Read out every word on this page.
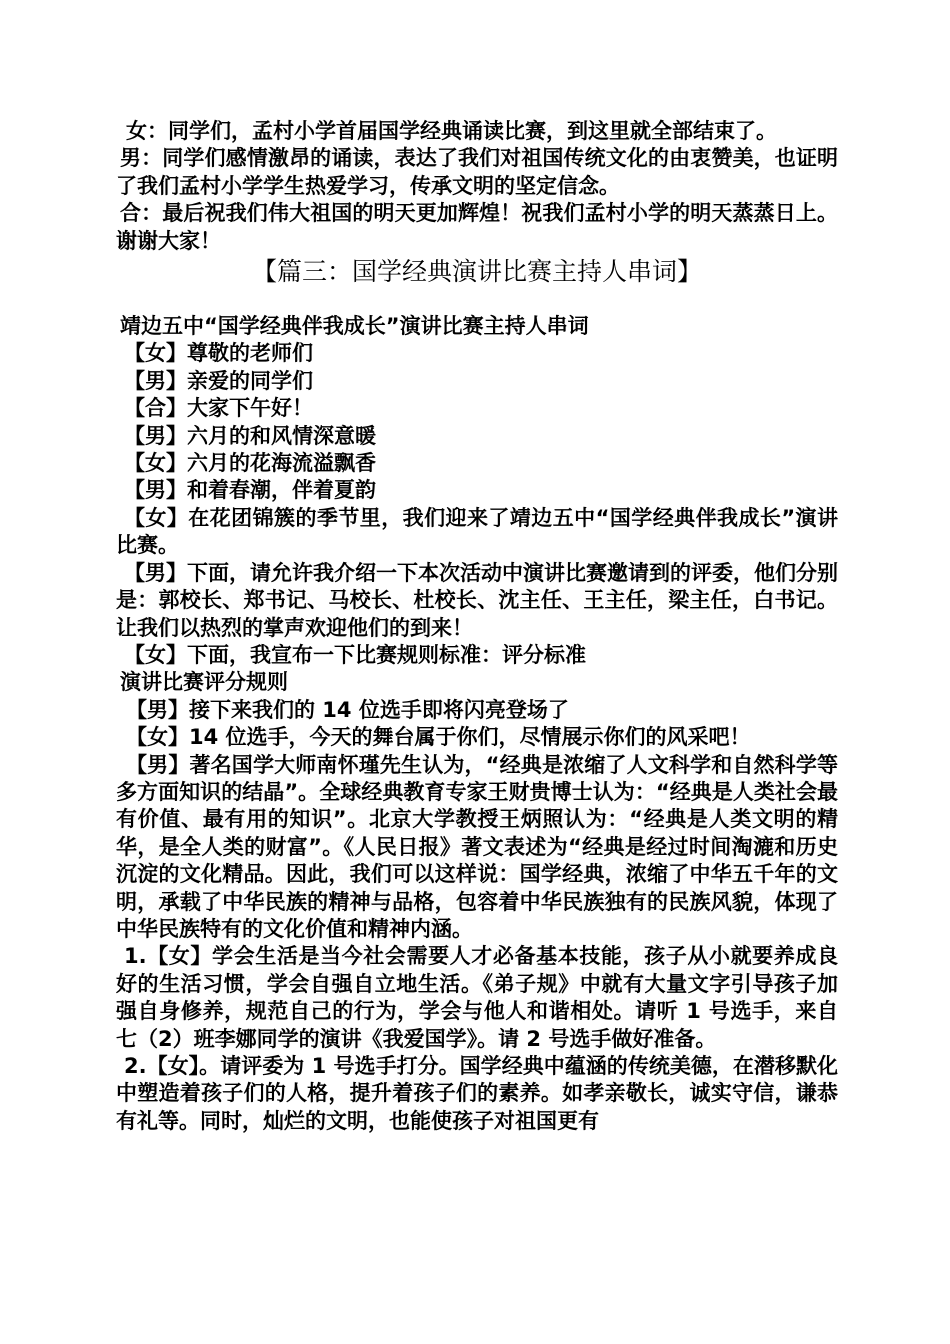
女：同学们，孟村小学首届国学经典诵读比赛，到这里就全部结束了。

男：同学们感情激昂的诵读，表达了我们对祖国传统文化的由衷赞美，也证明了我们孟村小学学生热爱学习，传承文明的坚定信念。

合：最后祝我们伟大祖国的明天更加辉煌！祝我们孟村小学的明天蒸蒸日上。谢谢大家！

【篇三：国学经典演讲比赛主持人串词】

靖边五中“国学经典伴我成长”演讲比赛主持人串词

【女】尊敬的老师们

【男】亲爱的同学们

【合】大家下午好！

【男】六月的和风情深意暖

【女】六月的花海流溢飘香

【男】和着春潮，伴着夏韵

【女】在花团锦簇的季节里，我们迎来了靖边五中“国学经典伴我成长”演讲比赛。

【男】下面，请允许我介绍一下本次活动中演讲比赛邀请到的评委，他们分别是：郭校长、郑书记、马校长、杜校长、沈主任、王主任，梁主任，白书记。让我们以热烈的掌声欢迎他们的到来！

【女】下面，我宣布一下比赛规则标准：评分标准

演讲比赛评分规则

【男】接下来我们的 14 位选手即将闪亮登场了

【女】14 位选手，今天的舞台属于你们，尽情展示你们的风采吧！

【男】著名国学大师南怀瑾先生认为，“经典是浓缩了人文科学和自然科学等多方面知识的结晶”。全球经典教育专家王财贵博士认为：“经典是人类社会最有价值、最有用的知识”。北京大学教授王炳照认为：“经典是人类文明的精华，是全人类的财富”。《人民日报》著文表述为“经典是经过时间淘漉和历史沉淀的文化精品。因此，我们可以这样说：国学经典，浓缩了中华五千年的文明，承载了中华民族的精神与品格，包容着中华民族独有的民族风貌，体现了中华民族特有的文化价值和精神内涵。

1.【女】学会生活是当今社会需要人才必备基本技能，孩子从小就要养成良好的生活习惯，学会自强自立地生活。《弟子规》中就有大量文字引导孩子加强自身修养，规范自己的行为，学会与他人和谐相处。请听 1 号选手，来自七（2）班李娜同学的演讲《我爱国学》。请 2 号选手做好准备。

2.【女】。请评委为 1 号选手打分。国学经典中蕴涵的传统美德，在潜移默化中塑造着孩子们的人格，提升着孩子们的素养。如孝亲敬长，诚实守信，谦恭有礼等。同时，灿烂的文明，也能使孩子对祖国更有
